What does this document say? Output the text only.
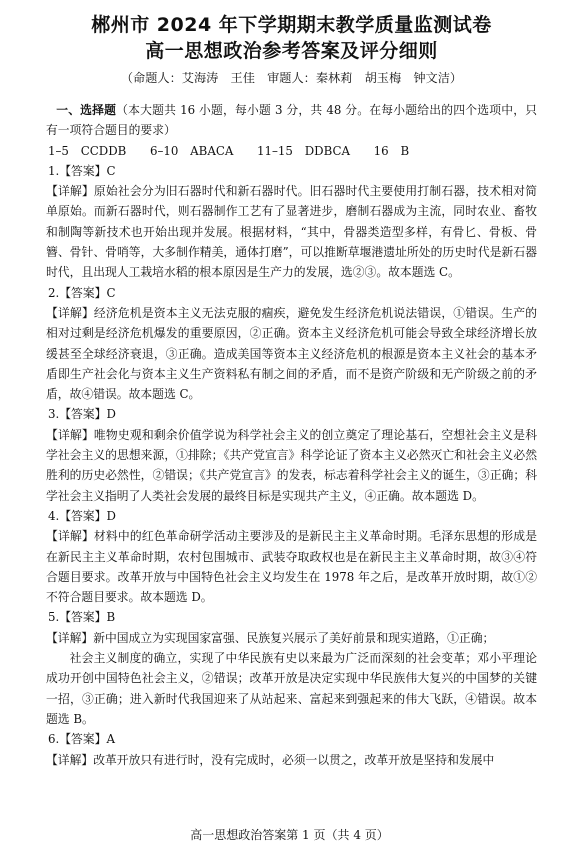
郴州市 2024 年下学期期末教学质量监测试卷
高一思想政治参考答案及评分细则
（命题人：艾海涛　王佳　审题人：秦林莉　胡玉梅　钟文洁）
一、选择题（本大题共 16 小题，每小题 3 分，共 48 分。在每小题给出的四个选项中，只有一项符合题目的要求）
1–5　CCDDB　　6–10　ABACA　　11–15　DDBCA　　16　B
1.【答案】C
【详解】原始社会分为旧石器时代和新石器时代。旧石器时代主要使用打制石器，技术相对简单原始。而新石器时代，则石器制作工艺有了显著进步，磨制石器成为主流，同时农业、畜牧和制陶等新技术也开始出现并发展。根据材料，“其中，骨器类造型多样，有骨匕、骨板、骨簪、骨针、骨哨等，大多制作精美，通体打磨”，可以推断草堰港遗址所处的历史时代是新石器时代，且出现人工栽培水稻的根本原因是生产力的发展，选②③。故本题选 C。
2.【答案】C
【详解】经济危机是资本主义无法克服的痼疾，避免发生经济危机说法错误，①错误。生产的相对过剩是经济危机爆发的重要原因，②正确。资本主义经济危机可能会导致全球经济增长放缓甚至全球经济衰退，③正确。造成美国等资本主义经济危机的根源是资本主义社会的基本矛盾即生产社会化与资本主义生产资料私有制之间的矛盾，而不是资产阶级和无产阶级之前的矛盾，故④错误。故本题选 C。
3.【答案】D
【详解】唯物史观和剩余价值学说为科学社会主义的创立奠定了理论基石，空想社会主义是科学社会主义的思想来源，①排除；《共产党宣言》科学论证了资本主义必然灭亡和社会主义必然胜利的历史必然性，②错误；《共产党宣言》的发表，标志着科学社会主义的诞生，③正确；科学社会主义指明了人类社会发展的最终目标是实现共产主义，④正确。故本题选 D。
4.【答案】D
【详解】材料中的红色革命研学活动主要涉及的是新民主主义革命时期。毛泽东思想的形成是在新民主主义革命时期，农村包围城市、武装夺取政权也是在新民主主义革命时期，故③④符合题目要求。改革开放与中国特色社会主义均发生在 1978 年之后，是改革开放时期，故①②不符合题目要求。故本题选 D。
5.【答案】B
【详解】新中国成立为实现国家富强、民族复兴展示了美好前景和现实道路，①正确；
社会主义制度的确立，实现了中华民族有史以来最为广泛而深刻的社会变革；邓小平理论成功开创中国特色社会主义，②错误；改革开放是决定实现中华民族伟大复兴的中国梦的关键一招，③正确；进入新时代我国迎来了从站起来、富起来到强起来的伟大飞跃，④错误。故本题选 B。
6.【答案】A
【详解】改革开放只有进行时，没有完成时，必须一以贯之，改革开放是坚持和发展中
高一思想政治答案第 1 页（共 4 页）
